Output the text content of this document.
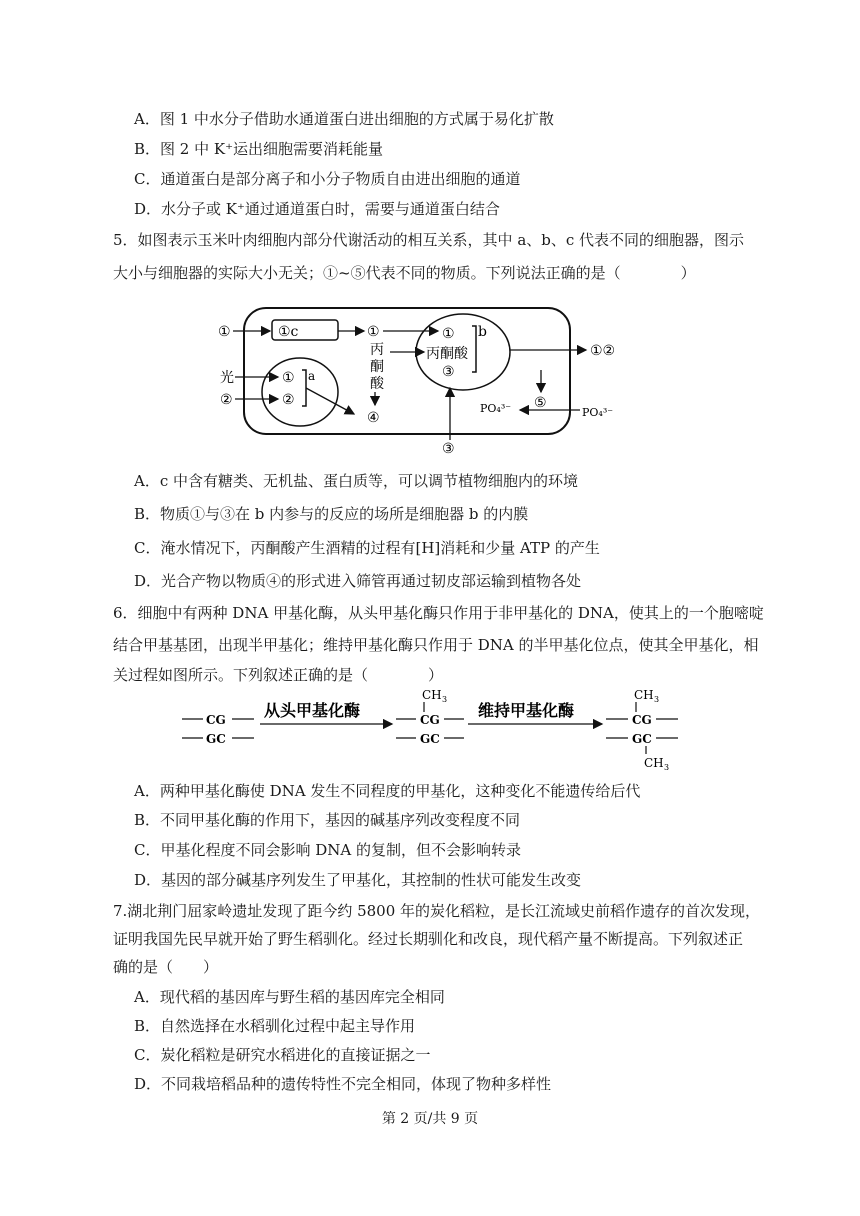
A．图 1 中水分子借助水通道蛋白进出细胞的方式属于易化扩散
B．图 2 中 K⁺运出细胞需要消耗能量
C．通道蛋白是部分离子和小分子物质自由进出细胞的通道
D．水分子或 K⁺通过通道蛋白时，需要与通道蛋白结合
5．如图表示玉米叶肉细胞内部分代谢活动的相互关系，其中 a、b、c 代表不同的细胞器，图示
大小与细胞器的实际大小无关；①~⑤代表不同的物质。下列说法正确的是（　　　　）
①	①c	①
丙
酮
酸
① b
丙酮酸
③
①②
光
②
① a
②
④
⑤
③
PO₄³⁻	PO₄³⁻
A．c 中含有糖类、无机盐、蛋白质等，可以调节植物细胞内的环境
B．物质①与③在 b 内参与的反应的场所是细胞器 b 的内膜
C．淹水情况下，丙酮酸产生酒精的过程有[H]消耗和少量 ATP 的产生
D．光合产物以物质④的形式进入筛管再通过韧皮部运输到植物各处
6．细胞中有两种 DNA 甲基化酶，从头甲基化酶只作用于非甲基化的 DNA，使其上的一个胞嘧啶
结合甲基基团，出现半甲基化；维持甲基化酶只作用于 DNA 的半甲基化位点，使其全甲基化，相
关过程如图所示。下列叙述正确的是（　　　　）
CG
GC
从头甲基化酶	CG
GC
CH 3
维持甲基化酶	CG
GC
CH 3
CH 3
A．两种甲基化酶使 DNA 发生不同程度的甲基化，这种变化不能遗传给后代
B．不同甲基化酶的作用下，基因的碱基序列改变程度不同
C．甲基化程度不同会影响 DNA 的复制，但不会影响转录
D．基因的部分碱基序列发生了甲基化，其控制的性状可能发生改变
7.湖北荆门屈家岭遗址发现了距今约 5800 年的炭化稻粒，是长江流域史前稻作遗存的首次发现，
证明我国先民早就开始了野生稻驯化。经过长期驯化和改良，现代稻产量不断提高。下列叙述正
确的是（　　）
A．现代稻的基因库与野生稻的基因库完全相同
B．自然选择在水稻驯化过程中起主导作用
C．炭化稻粒是研究水稻进化的直接证据之一
D．不同栽培稻品种的遗传特性不完全相同，体现了物种多样性
第 2 页/共 9 页
